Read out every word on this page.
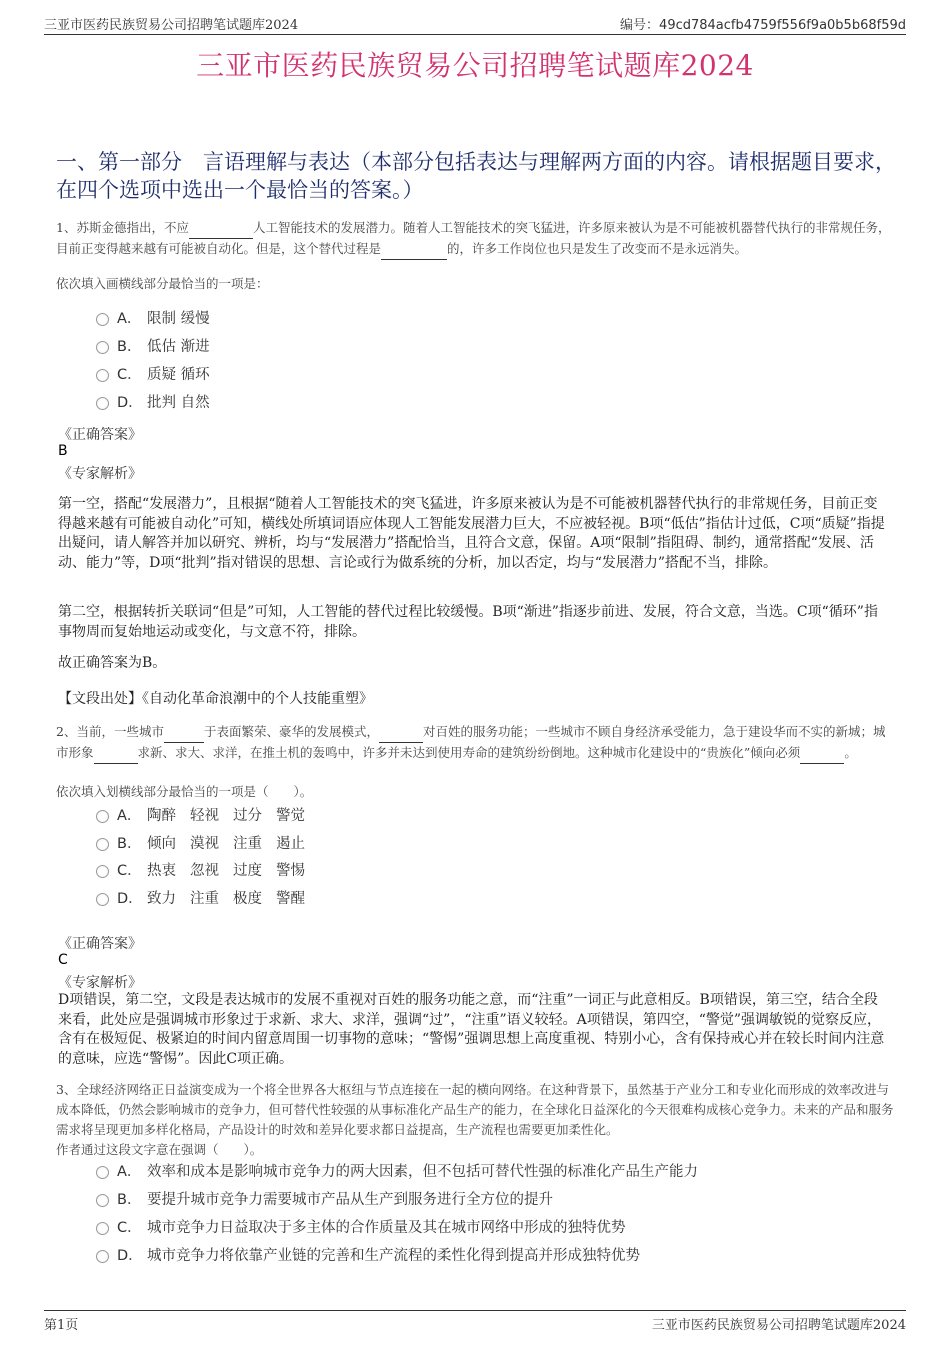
三亚市医药民族贸易公司招聘笔试题库2024	编号：49cd784acfb4759f556f9a0b5b68f59d
三亚市医药民族贸易公司招聘笔试题库2024
一、第一部分　言语理解与表达（本部分包括表达与理解两方面的内容。请根据题目要求，在四个选项中选出一个最恰当的答案。）
1、苏斯金德指出，不应	人工智能技术的发展潜力。随着人工智能技术的突飞猛进，许多原来被认为是不可能被机器替代执行的非常规任务，目前正变得越来越有可能被自动化。但是，这个替代过程是	的，许多工作岗位也只是发生了改变而不是永远消失。
依次填入画横线部分最恰当的一项是：
A． 限制 缓慢
B． 低估 渐进
C． 质疑 循环
D． 批判 自然
《正确答案》
B
《专家解析》
第一空，搭配“发展潜力”，且根据“随着人工智能技术的突飞猛进，许多原来被认为是不可能被机器替代执行的非常规任务，目前正变得越来越有可能被自动化”可知，横线处所填词语应体现人工智能发展潜力巨大，不应被轻视。B项“低估”指估计过低，C项“质疑”指提出疑问，请人解答并加以研究、辨析，均与“发展潜力”搭配恰当，且符合文意，保留。A项“限制”指阻碍、制约，通常搭配“发展、活动、能力”等，D项“批判”指对错误的思想、言论或行为做系统的分析，加以否定，均与“发展潜力”搭配不当，排除。
第二空，根据转折关联词“但是”可知，人工智能的替代过程比较缓慢。B项“渐进”指逐步前进、发展，符合文意，当选。C项“循环”指事物周而复始地运动或变化，与文意不符，排除。
故正确答案为B。
【文段出处】《自动化革命浪潮中的个人技能重塑》
2、当前，一些城市	于表面繁荣、豪华的发展模式，	对百姓的服务功能；一些城市不顾自身经济承受能力，急于建设华而不实的新城；城市形象	求新、求大、求洋，在推土机的轰鸣中，许多并未达到使用寿命的建筑纷纷倒地。这种城市化建设中的“贵族化”倾向必须	。
依次填入划横线部分最恰当的一项是（　　）。
A． 陶醉 轻视 过分 警觉
B． 倾向 漠视 注重 遏止
C． 热衷 忽视 过度 警惕
D． 致力 注重 极度 警醒
《正确答案》
C
《专家解析》
D项错误，第二空，文段是表达城市的发展不重视对百姓的服务功能之意，而“注重”一词正与此意相反。B项错误，第三空，结合全段来看，此处应是强调城市形象过于求新、求大、求洋，强调“过”，“注重”语义较轻。A项错误，第四空，“警觉”强调敏锐的觉察反应，含有在极短促、极紧迫的时间内留意周围一切事物的意味；“警惕”强调思想上高度重视、特别小心，含有保持戒心并在较长时间内注意的意味，应选“警惕”。因此C项正确。
3、全球经济网络正日益演变成为一个将全世界各大枢纽与节点连接在一起的横向网络。在这种背景下，虽然基于产业分工和专业化而形成的效率改进与成本降低，仍然会影响城市的竞争力，但可替代性较强的从事标准化产品生产的能力，在全球化日益深化的今天很难构成核心竞争力。未来的产品和服务需求将呈现更加多样化格局，产品设计的时效和差异化要求都日益提高，生产流程也需要更加柔性化。
作者通过这段文字意在强调（　　）。
A． 效率和成本是影响城市竞争力的两大因素，但不包括可替代性强的标准化产品生产能力
B． 要提升城市竞争力需要城市产品从生产到服务进行全方位的提升
C． 城市竞争力日益取决于多主体的合作质量及其在城市网络中形成的独特优势
D． 城市竞争力将依靠产业链的完善和生产流程的柔性化得到提高并形成独特优势
第1页	三亚市医药民族贸易公司招聘笔试题库2024
